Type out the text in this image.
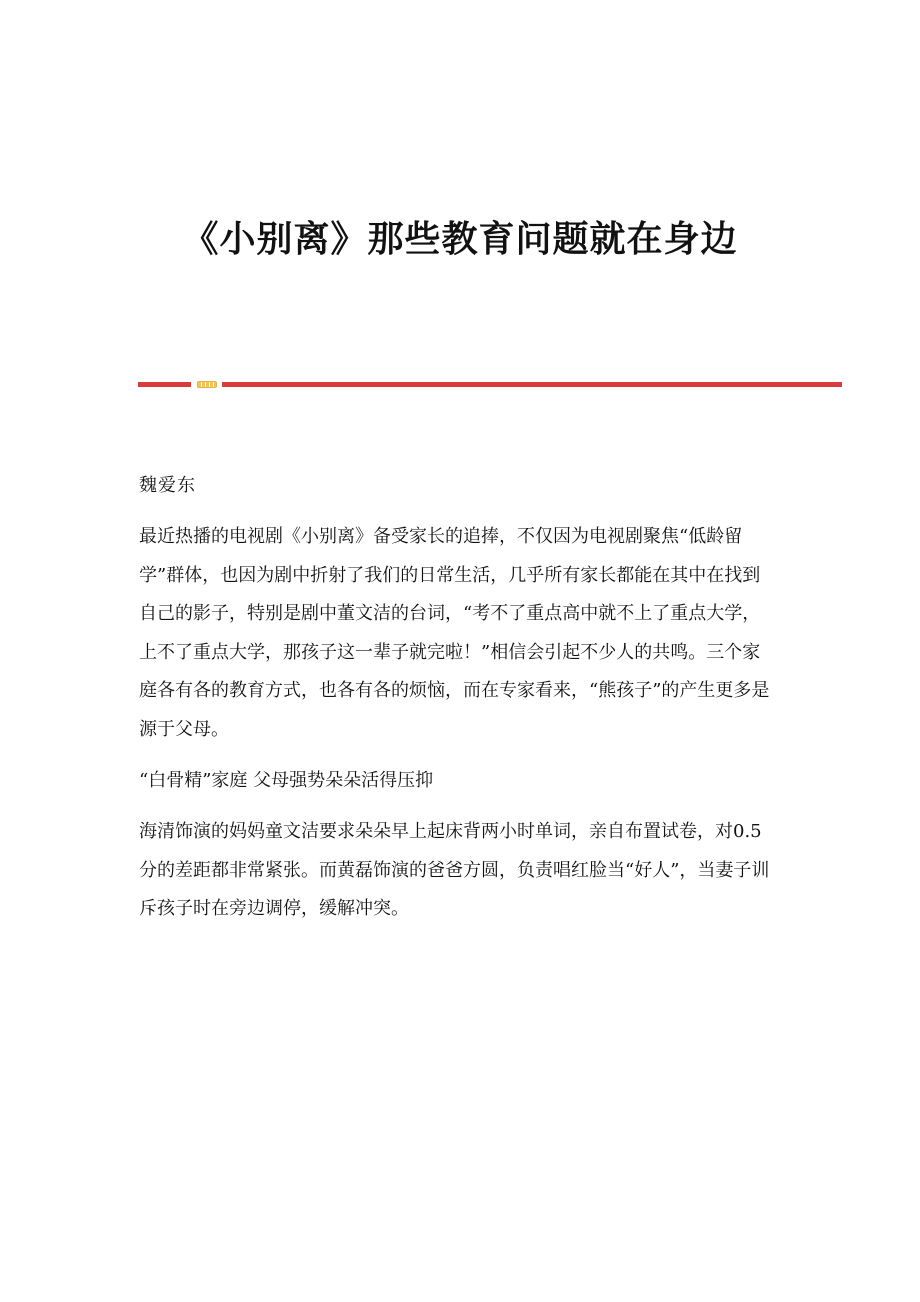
《小别离》那些教育问题就在身边

魏爱东

最近热播的电视剧《小别离》备受家长的追捧，不仅因为电视剧聚焦“低龄留学”群体，也因为剧中折射了我们的日常生活，几乎所有家长都能在其中在找到自己的影子，特别是剧中董文洁的台词，“考不了重点高中就不上了重点大学，上不了重点大学，那孩子这一辈子就完啦！”相信会引起不少人的共鸣。三个家庭各有各的教育方式，也各有各的烦恼，而在专家看来，“熊孩子”的产生更多是源于父母。

“白骨精”家庭 父母强势朵朵活得压抑

海清饰演的妈妈童文洁要求朵朵早上起床背两小时单词，亲自布置试卷，对0.5分的差距都非常紧张。而黄磊饰演的爸爸方圆，负责唱红脸当“好人”，当妻子训斥孩子时在旁边调停，缓解冲突。
